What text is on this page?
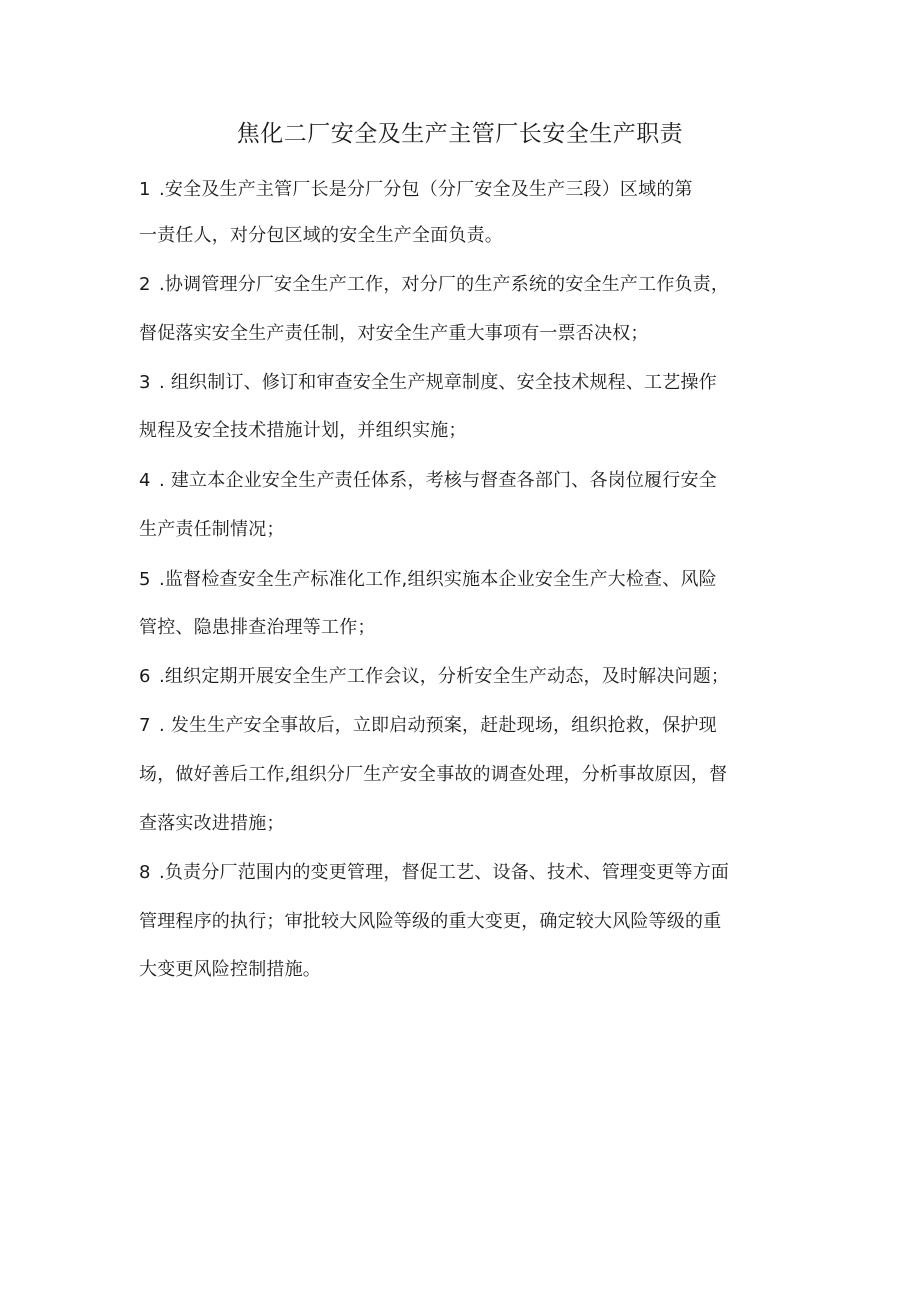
焦化二厂安全及生产主管厂长安全生产职责
1 .安全及生产主管厂长是分厂分包（分厂安全及生产三段）区域的第
一责任人，对分包区域的安全生产全面负责。
2 .协调管理分厂安全生产工作，对分厂的生产系统的安全生产工作负责，
督促落实安全生产责任制，对安全生产重大事项有一票否决权；
3 . 组织制订、修订和审查安全生产规章制度、安全技术规程、工艺操作
规程及安全技术措施计划，并组织实施；
4 . 建立本企业安全生产责任体系，考核与督查各部门、各岗位履行安全
生产责任制情况；
5 .监督检查安全生产标准化工作,组织实施本企业安全生产大检查、风险
管控、隐患排查治理等工作；
6 .组织定期开展安全生产工作会议，分析安全生产动态，及时解决问题；
7 . 发生生产安全事故后，立即启动预案，赶赴现场，组织抢救，保护现
场，做好善后工作,组织分厂生产安全事故的调查处理，分析事故原因，督
查落实改进措施；
8 .负责分厂范围内的变更管理，督促工艺、设备、技术、管理变更等方面
管理程序的执行；审批较大风险等级的重大变更，确定较大风险等级的重
大变更风险控制措施。
